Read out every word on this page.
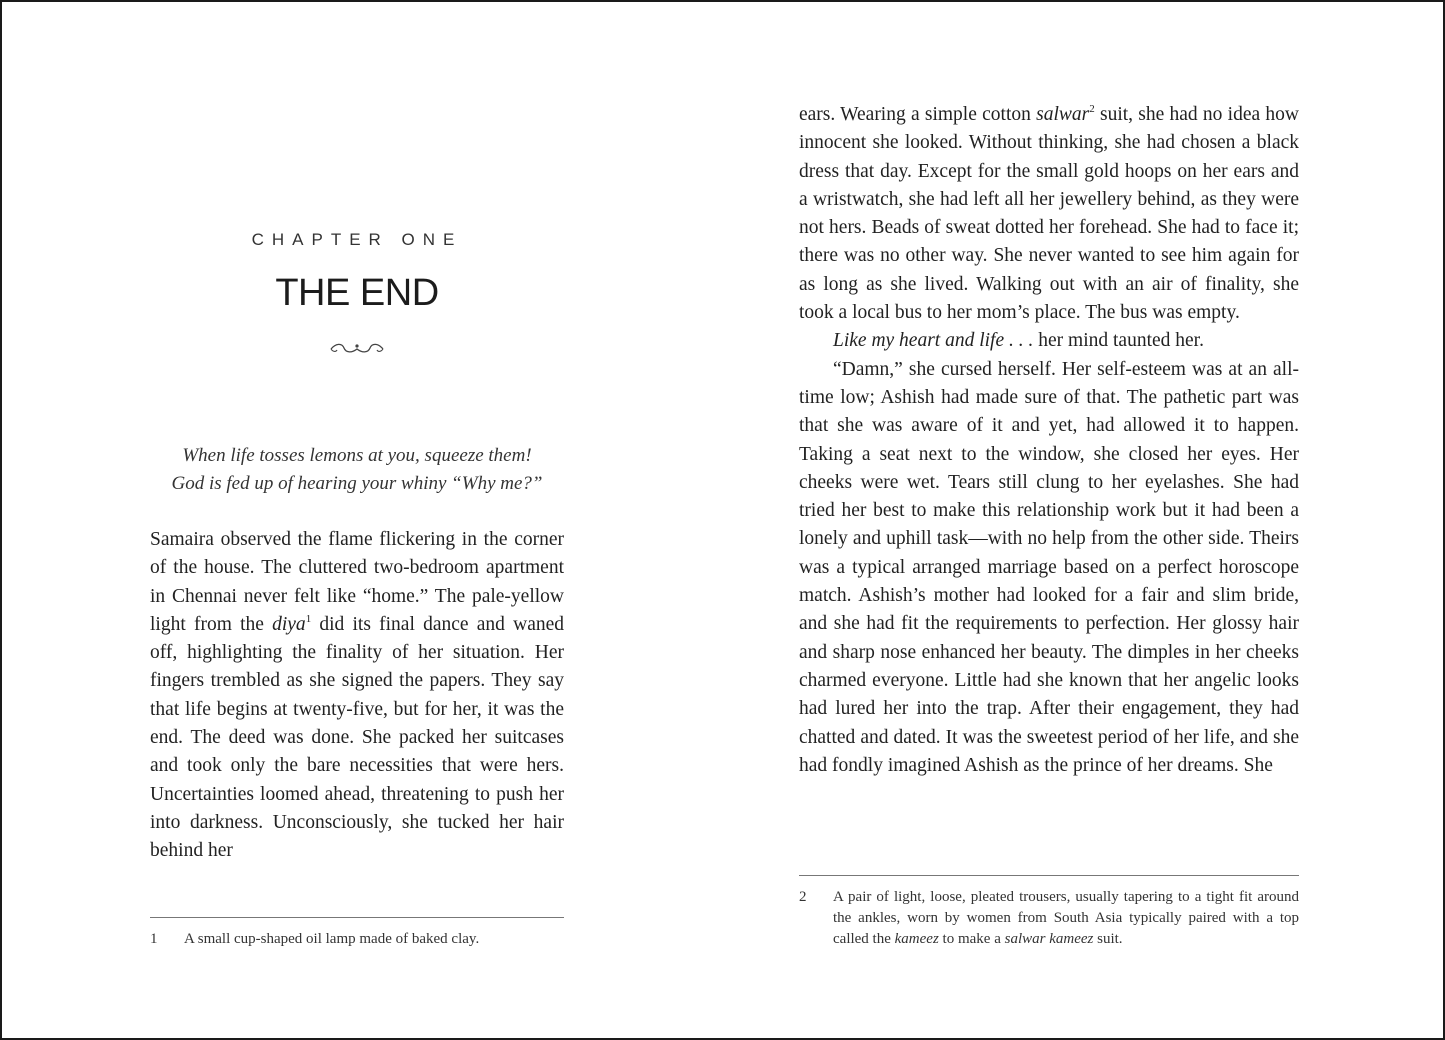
CHAPTER ONE
THE END
When life tosses lemons at you, squeeze them!
God is fed up of hearing your whiny “Why me?”

Samaira observed the flame flickering in the corner of the house. The cluttered two-bedroom apartment in Chennai never felt like “home.” The pale-yellow light from the diya$^1$ did its final dance and waned off, highlighting the finality of her situation. Her fingers trembled as she signed the papers. They say that life begins at twenty-five, but for her, it was the end. The deed was done. She packed her suitcases and took only the bare necessities that were hers. Uncertainties loomed ahead, threatening to push her into darkness. Unconsciously, she tucked her hair behind her

1 A small cup-shaped oil lamp made of baked clay.

ears. Wearing a simple cotton salwar$^2$ suit, she had no idea how innocent she looked. Without thinking, she had chosen a black dress that day. Except for the small gold hoops on her ears and a wristwatch, she had left all her jewellery behind, as they were not hers. Beads of sweat dotted her forehead. She had to face it; there was no other way. She never wanted to see him again for as long as she lived. Walking out with an air of finality, she took a local bus to her mom’s place. The bus was empty.

Like my heart and life . . . her mind taunted her.

“Damn,” she cursed herself. Her self-esteem was at an all-time low; Ashish had made sure of that. The pathetic part was that she was aware of it and yet, had allowed it to happen. Taking a seat next to the window, she closed her eyes. Her cheeks were wet. Tears still clung to her eyelashes. She had tried her best to make this relationship work but it had been a lonely and uphill task—with no help from the other side. Theirs was a typical arranged marriage based on a perfect horoscope match. Ashish’s mother had looked for a fair and slim bride, and she had fit the requirements to perfection. Her glossy hair and sharp nose enhanced her beauty. The dimples in her cheeks charmed everyone. Little had she known that her angelic looks had lured her into the trap. After their engagement, they had chatted and dated. It was the sweetest period of her life, and she had fondly imagined Ashish as the prince of her dreams. She

2 A pair of light, loose, pleated trousers, usually tapering to a tight fit around the ankles, worn by women from South Asia typically paired with a top called the kameez to make a salwar kameez suit.
